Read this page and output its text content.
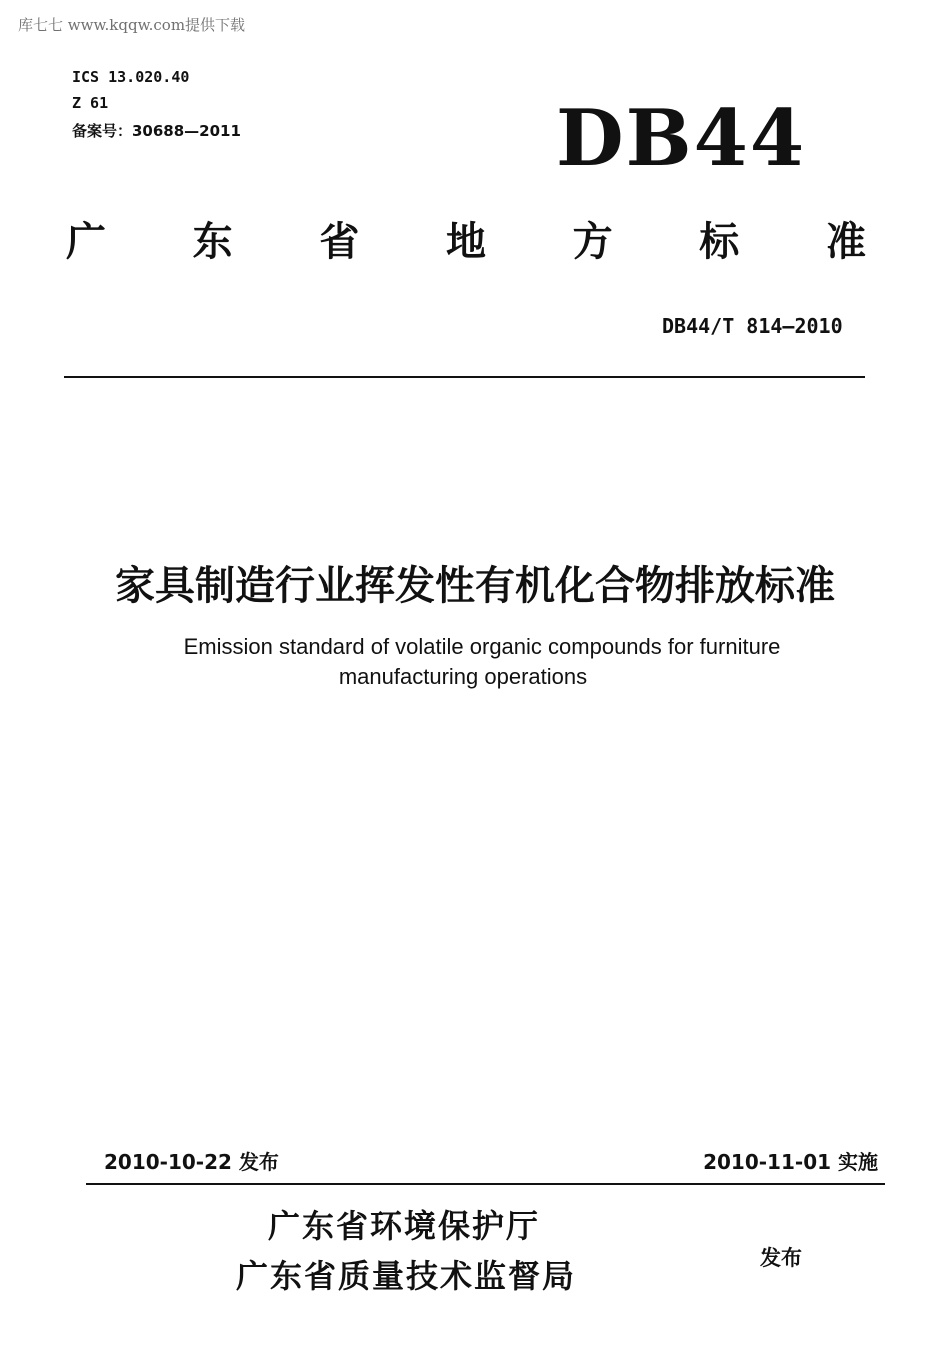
库七七 www.kqqw.com提供下载
ICS 13.020.40
Z 61
备案号：30688—2011	DB44
广 东 省 地 方 标 准
DB44/T 814—2010
家具制造行业挥发性有机化合物排放标准
Emission standard of volatile organic compounds for furniture
manufacturing operations
2010-10-22 发布	2010-11-01 实施
广东省环境保护厅
广东省质量技术监督局	发布
